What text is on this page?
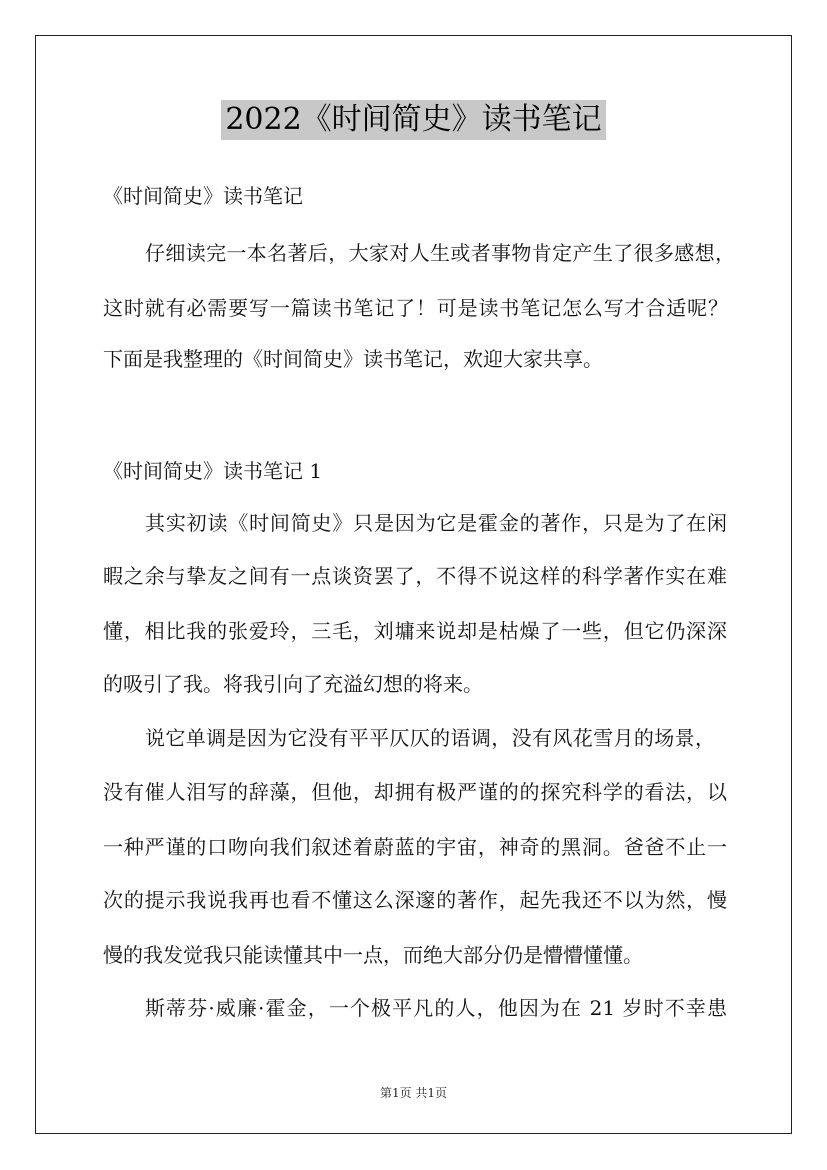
2022《时间简史》读书笔记
《时间简史》读书笔记
仔细读完一本名著后，大家对人生或者事物肯定产生了很多感想，
这时就有必需要写一篇读书笔记了！可是读书笔记怎么写才合适呢？
下面是我整理的《时间简史》读书笔记，欢迎大家共享。
《时间简史》读书笔记 1
其实初读《时间简史》只是因为它是霍金的著作，只是为了在闲
暇之余与挚友之间有一点谈资罢了，不得不说这样的科学著作实在难
懂，相比我的张爱玲，三毛，刘墉来说却是枯燥了一些，但它仍深深
的吸引了我。将我引向了充溢幻想的将来。
说它单调是因为它没有平平仄仄的语调，没有风花雪月的场景，
没有催人泪写的辞藻，但他，却拥有极严谨的的探究科学的看法，以
一种严谨的口吻向我们叙述着蔚蓝的宇宙，神奇的黑洞。爸爸不止一
次的提示我说我再也看不懂这么深邃的著作，起先我还不以为然，慢
慢的我发觉我只能读懂其中一点，而绝大部分仍是懵懵懂懂。
斯蒂芬·威廉·霍金，一个极平凡的人，他因为在 21 岁时不幸患
第1页 共1页
